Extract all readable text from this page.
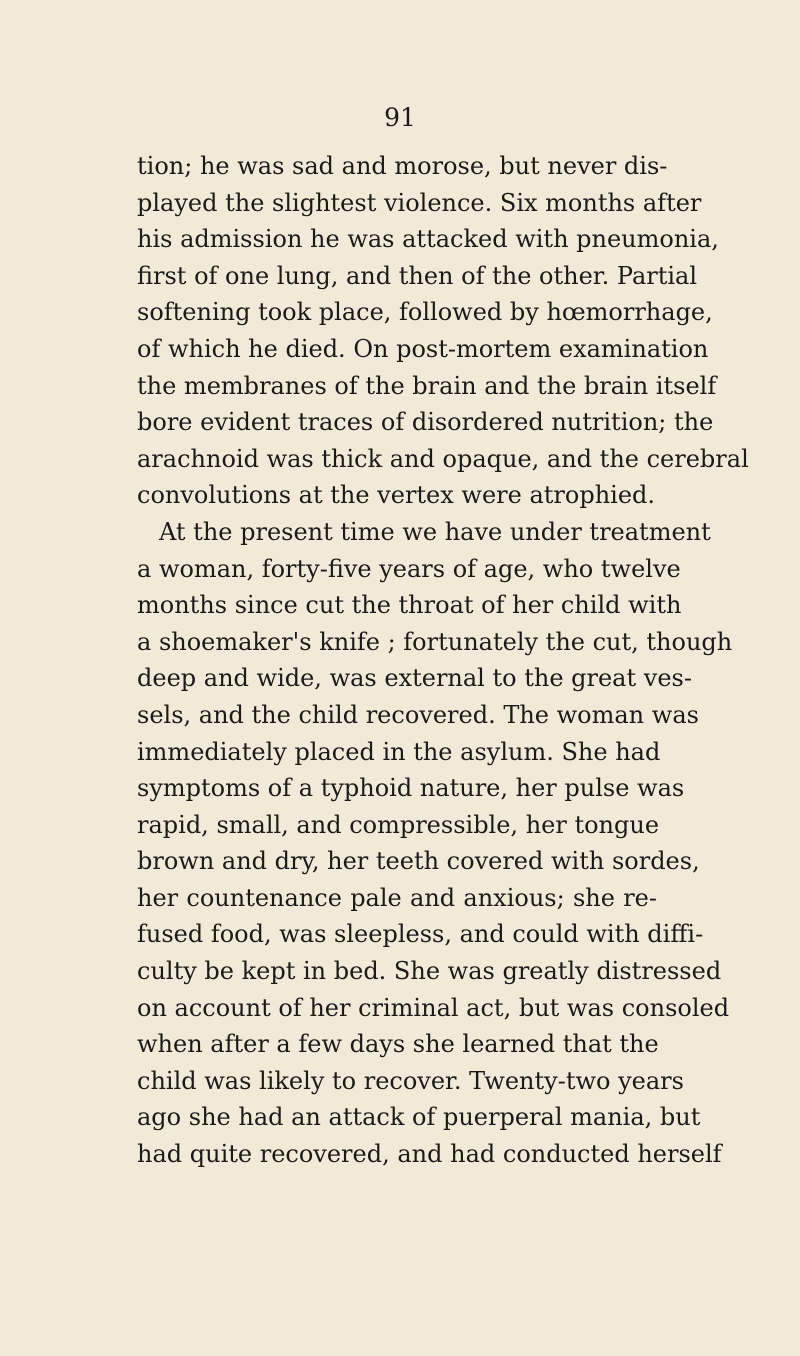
91
tion; he was sad and morose, but never dis-
played the slightest violence. Six months after
his admission he was attacked with pneumonia,
first of one lung, and then of the other. Partial
softening took place, followed by hœmorrhage,
of which he died. On post-mortem examination
the membranes of the brain and the brain itself
bore evident traces of disordered nutrition; the
arachnoid was thick and opaque, and the cerebral
convolutions at the vertex were atrophied.
At the present time we have under treatment
a woman, forty-five years of age, who twelve
months since cut the throat of her child with
a shoemaker's knife ; fortunately the cut, though
deep and wide, was external to the great ves-
sels, and the child recovered. The woman was
immediately placed in the asylum. She had
symptoms of a typhoid nature, her pulse was
rapid, small, and compressible, her tongue
brown and dry, her teeth covered with sordes,
her countenance pale and anxious; she re-
fused food, was sleepless, and could with diffi-
culty be kept in bed. She was greatly distressed
on account of her criminal act, but was consoled
when after a few days she learned that the
child was likely to recover. Twenty-two years
ago she had an attack of puerperal mania, but
had quite recovered, and had conducted herself
